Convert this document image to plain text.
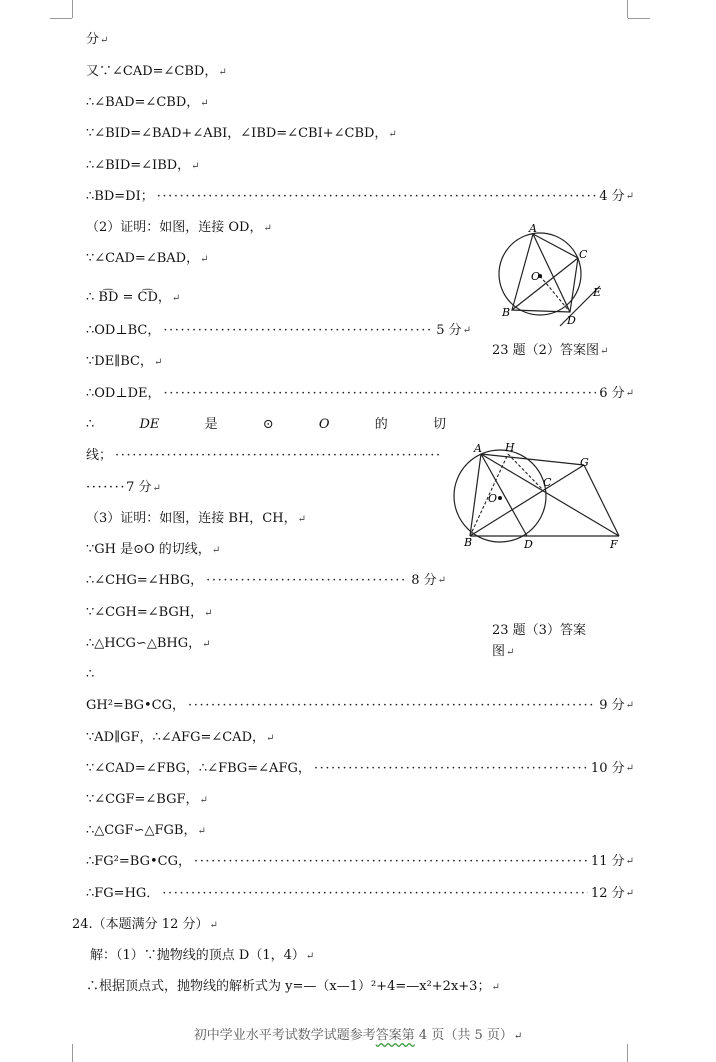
分↵
又∵∠CAD=∠CBD，↵
∴∠BAD=∠CBD，↵
∵∠BID=∠BAD+∠ABI，∠IBD=∠CBI+∠CBD，↵
∴∠BID=∠IBD，↵
∴BD=DI； ·····	4 分 ↵
（2）证明：如图，连接 OD，↵
∵∠CAD=∠BAD，↵
∴ B͡D = C͡D，↵
∴OD⊥BC， ·····	5 分 ↵
∵DE∥BC，↵
∴OD⊥DE， ·····	6 分 ↵
∴	DE	是	⊙	O	的	切
线；
·····
·······7 分↵
（3）证明：如图，连接 BH，CH，↵
∵GH 是⊙O 的切线，↵
∴∠CHG=∠HBG， ·····	8 分 ↵
∵∠CGH=∠BGH，↵
∴△HCG∽△BHG，↵
∴
GH²=BG•CG， ·····	9 分 ↵
∵AD∥GF，∴∠AFG=∠CAD，↵
∵∠CAD=∠FBG，∴∠FBG=∠AFG， ·····	10 分 ↵
∵∠CGF=∠BGF，↵
∴△CGF∽△FGB，↵
∴FG²=BG•CG， ·····	11 分 ↵
∴FG=HG． ·····	12 分 ↵
24.（本题满分 12 分）↵
解：（1）∵抛物线的顶点 D（1，4）↵
∴根据顶点式，抛物线的解析式为 y=—（x—1）²+4=—x²+2x+3；↵
A
B
C
D
E
O
23 题（2）答案图↵
A H
G
C
B	D	F
O
23 题（3）答案
图↵
初中学业水平考试数学试题参考答案第 4 页（共 5 页）↵
